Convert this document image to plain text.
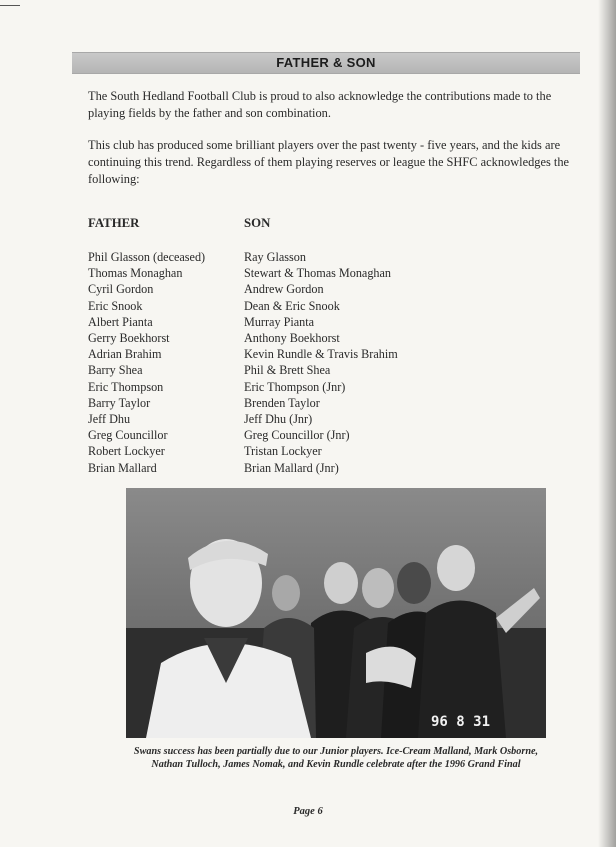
FATHER & SON

The South Hedland Football Club is proud to also acknowledge the contributions made to the playing fields by the father and son combination.

This club has produced some brilliant players over the past twenty - five years, and the kids are continuing this trend. Regardless of them playing reserves or league the SHFC acknowledges the following:

FATHER	SON
Phil Glasson (deceased)
Thomas Monaghan
Cyril Gordon
Eric Snook
Albert Pianta
Gerry Boekhorst
Adrian Brahim
Barry Shea
Eric Thompson
Barry Taylor
Jeff Dhu
Greg Councillor
Robert Lockyer
Brian Mallard
Ray Glasson
Stewart & Thomas Monaghan
Andrew Gordon
Dean & Eric Snook
Murray Pianta
Anthony Boekhorst
Kevin Rundle & Travis Brahim
Phil & Brett Shea
Eric Thompson (Jnr)
Brenden Taylor
Jeff Dhu (Jnr)
Greg Councillor (Jnr)
Tristan Lockyer
Brian Mallard (Jnr)
96 8 31

Swans success has been partially due to our Junior players. Ice-Cream Malland, Mark Osborne, Nathan Tulloch, James Nomak, and Kevin Rundle celebrate after the 1996 Grand Final

Page 6
